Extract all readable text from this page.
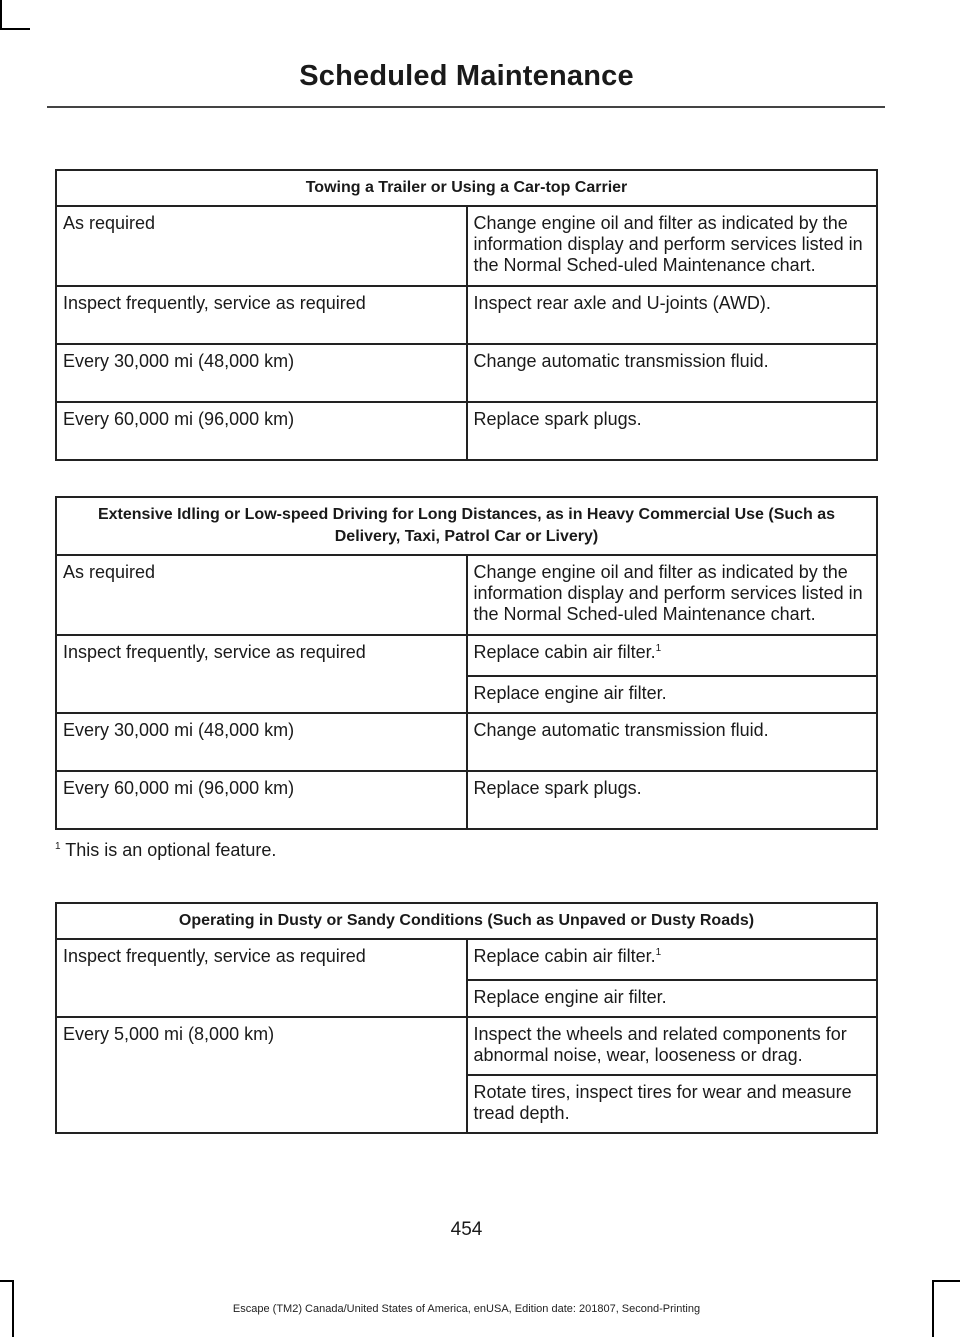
Scheduled Maintenance
Towing a Trailer or Using a Car-top Carrier	
As required	Change engine oil and filter as indicated by the information display and perform services listed in the Normal Sched-uled Maintenance chart.
Inspect frequently, service as required	Inspect rear axle and U-joints (AWD).
Every 30,000 mi (48,000 km)	Change automatic transmission fluid.
Every 60,000 mi (96,000 km)	Replace spark plugs.
Extensive Idling or Low-speed Driving for Long Distances, as in Heavy Commercial Use (Such as Delivery, Taxi, Patrol Car or Livery)	
As required	Change engine oil and filter as indicated by the information display and perform services listed in the Normal Sched-uled Maintenance chart.
Inspect frequently, service as required	Replace cabin air filter.$^1$
	Replace engine air filter.
Every 30,000 mi (48,000 km)	Change automatic transmission fluid.
Every 60,000 mi (96,000 km)	Replace spark plugs.
$^1$ This is an optional feature.
Operating in Dusty or Sandy Conditions (Such as Unpaved or Dusty Roads)	
Inspect frequently, service as required	Replace cabin air filter.$^1$
	Replace engine air filter.
Every 5,000 mi (8,000 km)	Inspect the wheels and related components for abnormal noise, wear, looseness or drag.
	Rotate tires, inspect tires for wear and measure tread depth.
454
Escape (TM2) Canada/United States of America, enUSA, Edition date: 201807, Second-Printing
